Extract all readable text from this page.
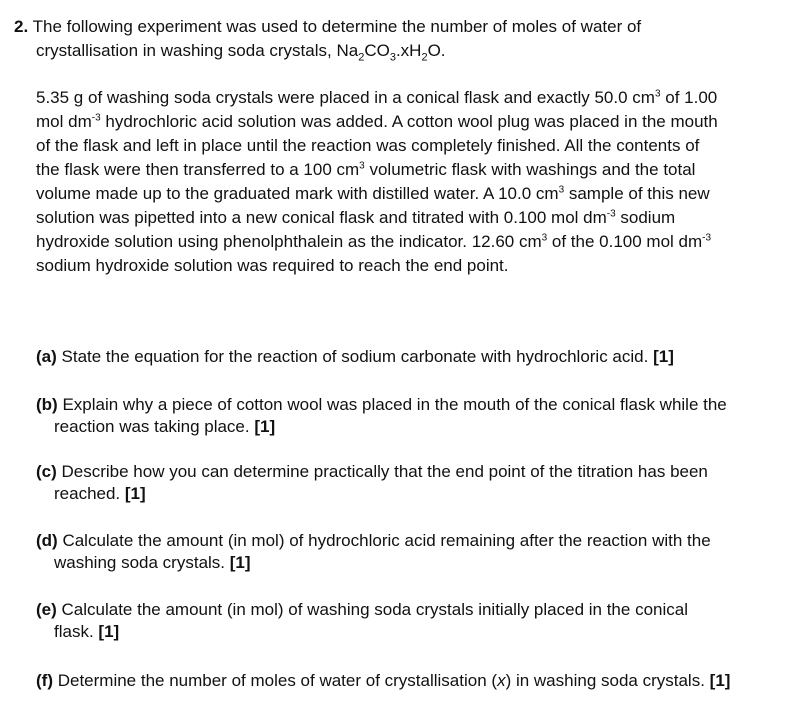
2. The following experiment was used to determine the number of moles of water of
crystallisation in washing soda crystals, $Na_2CO_3.xH_2O$.
5.35 g of washing soda crystals were placed in a conical flask and exactly 50.0 $cm^3$ of 1.00
mol $dm^{-3}$ hydrochloric acid solution was added. A cotton wool plug was placed in the mouth
of the flask and left in place until the reaction was completely finished. All the contents of
the flask were then transferred to a 100 $cm^3$ volumetric flask with washings and the total
volume made up to the graduated mark with distilled water. A 10.0 $cm^3$ sample of this new
solution was pipetted into a new conical flask and titrated with 0.100 mol $dm^{-3}$ sodium
hydroxide solution using phenolphthalein as the indicator. 12.60 $cm^3$ of the 0.100 mol $dm^{-3}$
sodium hydroxide solution was required to reach the end point.
(a) State the equation for the reaction of sodium carbonate with hydrochloric acid. [1]
(b) Explain why a piece of cotton wool was placed in the mouth of the conical flask while the
reaction was taking place. [1]
(c) Describe how you can determine practically that the end point of the titration has been
reached. [1]
(d) Calculate the amount (in mol) of hydrochloric acid remaining after the reaction with the
washing soda crystals. [1]
(e) Calculate the amount (in mol) of washing soda crystals initially placed in the conical
flask. [1]
(f) Determine the number of moles of water of crystallisation (x) in washing soda crystals. [1]
